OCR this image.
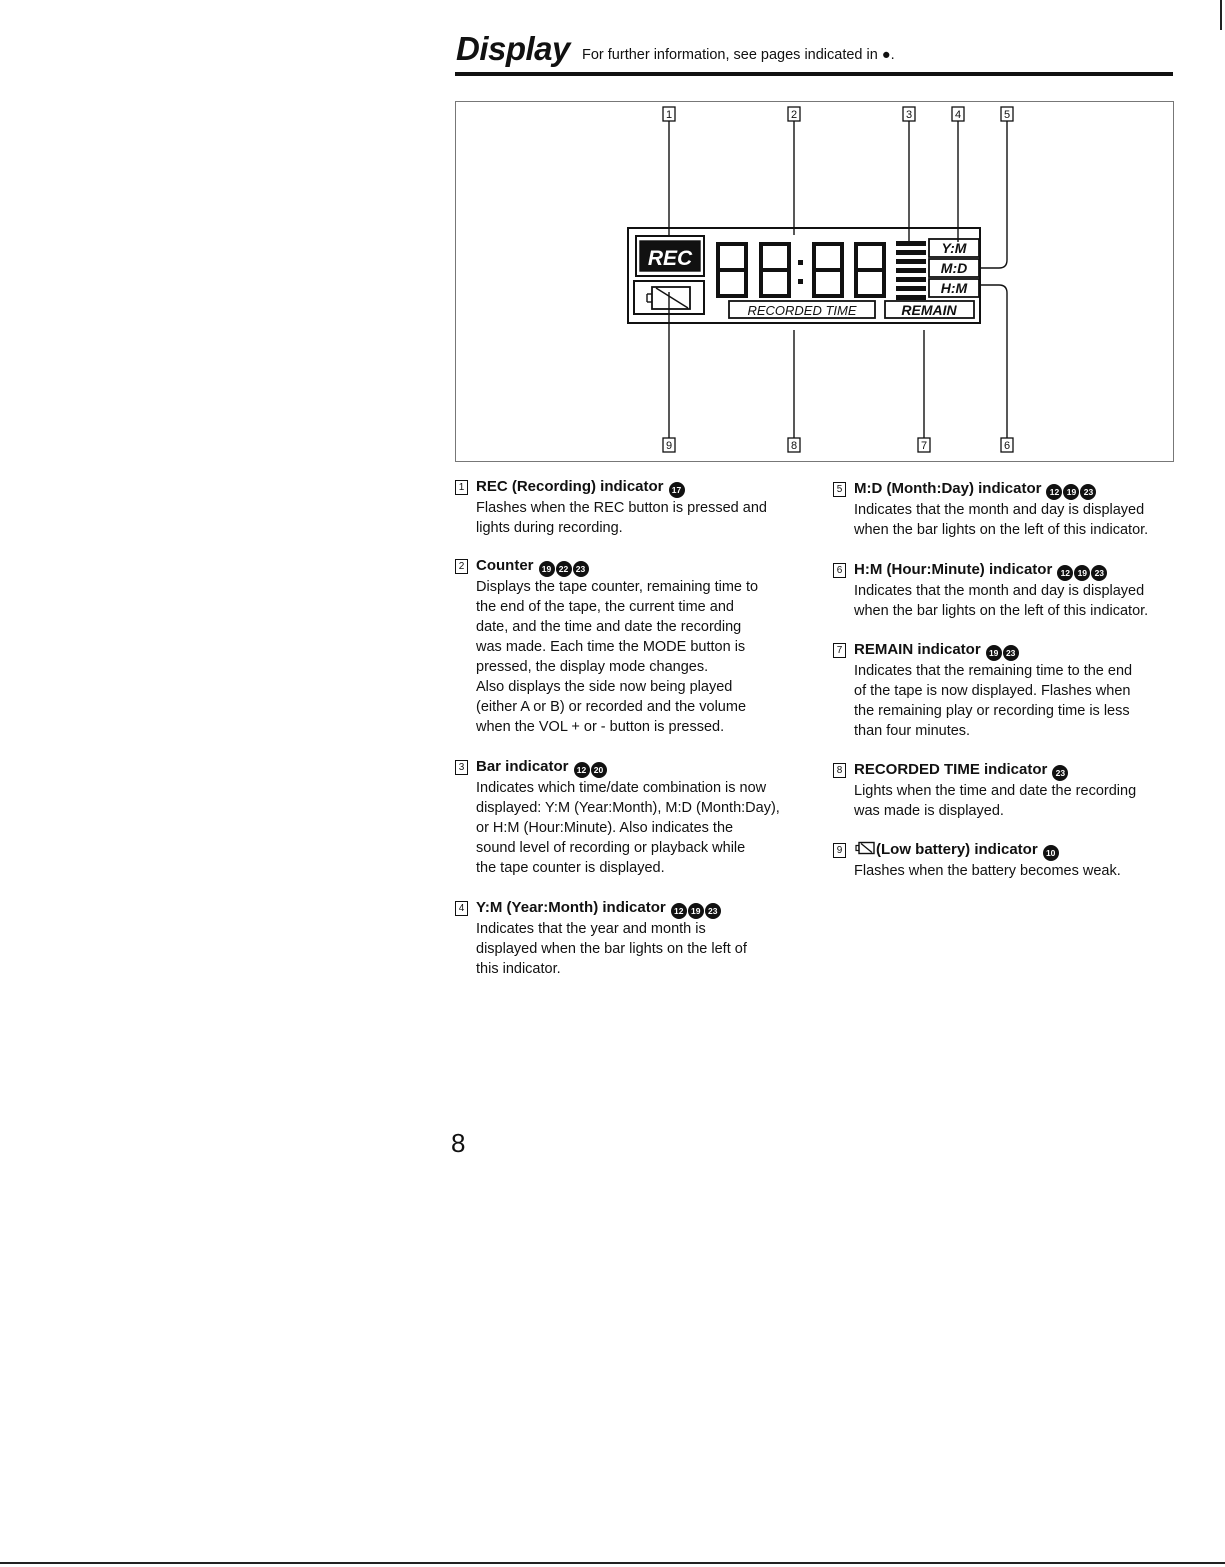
Display For further information, see pages indicated in ●.
1	2	3	4	5
6
7
8
9
REC	Y:M
M:D
H:M
RECORDED TIME	REMAIN
1 REC (Recording) indicator 17
Flashes when the REC button is pressed and
lights during recording.
2 Counter 19 22 23
Displays the tape counter, remaining time to
the end of the tape, the current time and
date, and the time and date the recording
was made. Each time the MODE button is
pressed, the display mode changes.
Also displays the side now being played
(either A or B) or recorded and the volume
when the VOL + or - button is pressed.
3 Bar indicator 12 20
Indicates which time/date combination is now
displayed: Y:M (Year:Month), M:D (Month:Day),
or H:M (Hour:Minute). Also indicates the
sound level of recording or playback while
the tape counter is displayed.
4 Y:M (Year:Month) indicator 12 19 23
Indicates that the year and month is
displayed when the bar lights on the left of
this indicator.
5 M:D (Month:Day) indicator 12 19 23
Indicates that the month and day is displayed
when the bar lights on the left of this indicator.
6 H:M (Hour:Minute) indicator 12 19 23
Indicates that the month and day is displayed
when the bar lights on the left of this indicator.
7 REMAIN indicator 19 23
Indicates that the remaining time to the end
of the tape is now displayed. Flashes when
the remaining play or recording time is less
than four minutes.
8 RECORDED TIME indicator 23
Lights when the time and date the recording
was made is displayed.
9	(Low battery) indicator 10
Flashes when the battery becomes weak.
8
